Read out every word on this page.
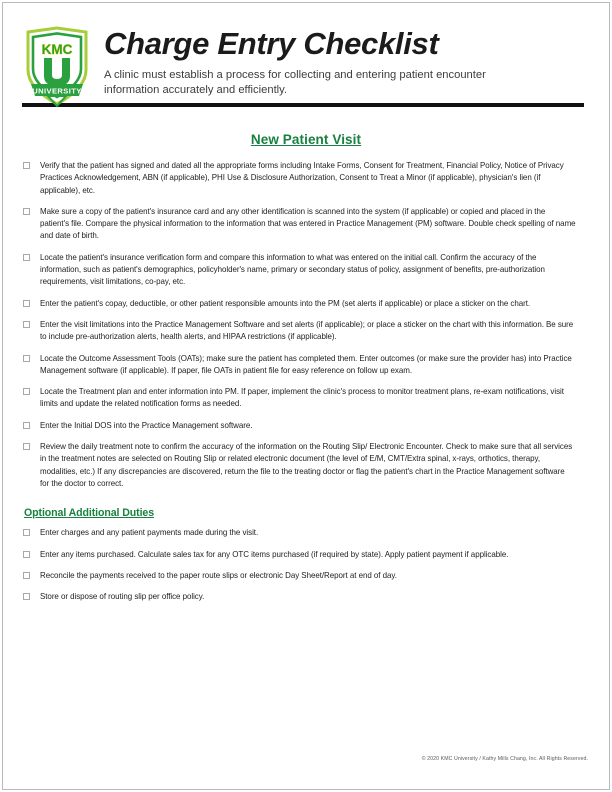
KMC
UNIVERSITY
Charge Entry Checklist
A clinic must establish a process for collecting and entering patient encounter information accurately and efficiently.
New Patient Visit
Verify that the patient has signed and dated all the appropriate forms including Intake Forms, Consent for Treatment, Financial Policy, Notice of Privacy Practices Acknowledgement, ABN (if applicable), PHI Use & Disclosure Authorization, Consent to Treat a Minor (if applicable), physician's lien (if applicable), etc.
Make sure a copy of the patient's insurance card and any other identification is scanned into the system (if applicable) or copied and placed in the patient's file. Compare the physical information to the information that was entered in Practice Management (PM) software. Double check spelling of name and date of birth.
Locate the patient's insurance verification form and compare this information to what was entered on the initial call. Confirm the accuracy of the information, such as patient's demographics, policyholder's name, primary or secondary status of policy, assignment of benefits, pre-authorization requirements, visit limitations, co-pay, etc.
Enter the patient's copay, deductible, or other patient responsible amounts into the PM (set alerts if applicable) or place a sticker on the chart.
Enter the visit limitations into the Practice Management Software and set alerts (if applicable); or place a sticker on the chart with this information. Be sure to include pre-authorization alerts, health alerts, and HIPAA restrictions (if applicable).
Locate the Outcome Assessment Tools (OATs); make sure the patient has completed them. Enter outcomes (or make sure the provider has) into Practice Management software (if applicable). If paper, file OATs in patient file for easy reference on follow up exam.
Locate the Treatment plan and enter information into PM. If paper, implement the clinic's process to monitor treatment plans, re-exam notifications, visit limits and update the related notification forms as needed.
Enter the Initial DOS into the Practice Management software.
Review the daily treatment note to confirm the accuracy of the information on the Routing Slip/ Electronic Encounter. Check to make sure that all services in the treatment notes are selected on Routing Slip or related electronic document (the level of E/M, CMT/Extra spinal, x-rays, orthotics, therapy, modalities, etc.) If any discrepancies are discovered, return the file to the treating doctor or flag the patient's chart in the Practice Management software for the doctor to correct.
Optional Additional Duties
Enter charges and any patient payments made during the visit.
Enter any items purchased. Calculate sales tax for any OTC items purchased (if required by state). Apply patient payment if applicable.
Reconcile the payments received to the paper route slips or electronic Day Sheet/Report at end of day.
Store or dispose of routing slip per office policy.
© 2020 KMC University / Kathy Mills Chang, Inc. All Rights Reserved.
